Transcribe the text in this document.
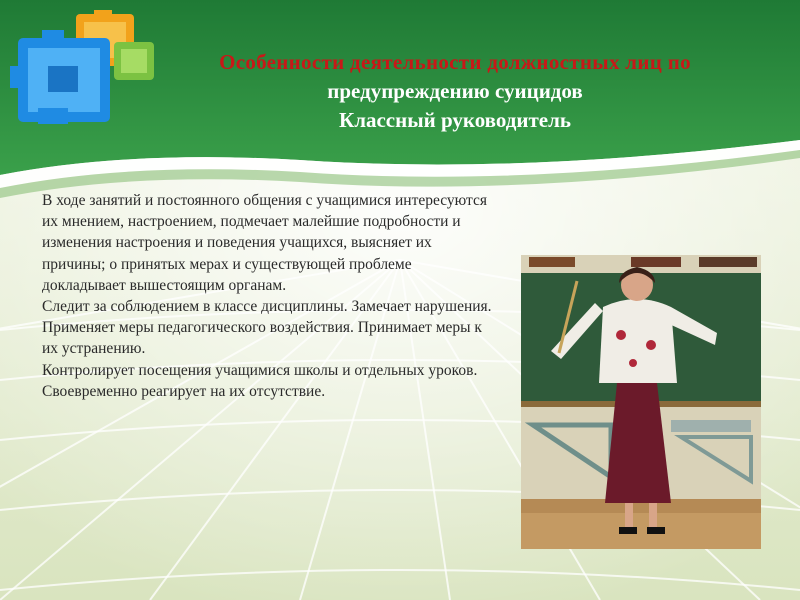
Особенности деятельности должностных лиц по
предупреждению суицидов
Классный руководитель

В ходе занятий и постоянного общения с учащимися интересуются их мнением, настроением, подмечает малейшие подробности и изменения настроения и поведения учащихся, выясняет их причины; о принятых мерах и существующей проблеме докладывает вышестоящим органам.

Следит за соблюдением в классе дисциплины. Замечает нарушения. Применяет меры педагогического воздействия. Принимает меры к их устранению.

Контролирует посещения учащимися школы и отдельных уроков. Своевременно реагирует на их отсутствие.
